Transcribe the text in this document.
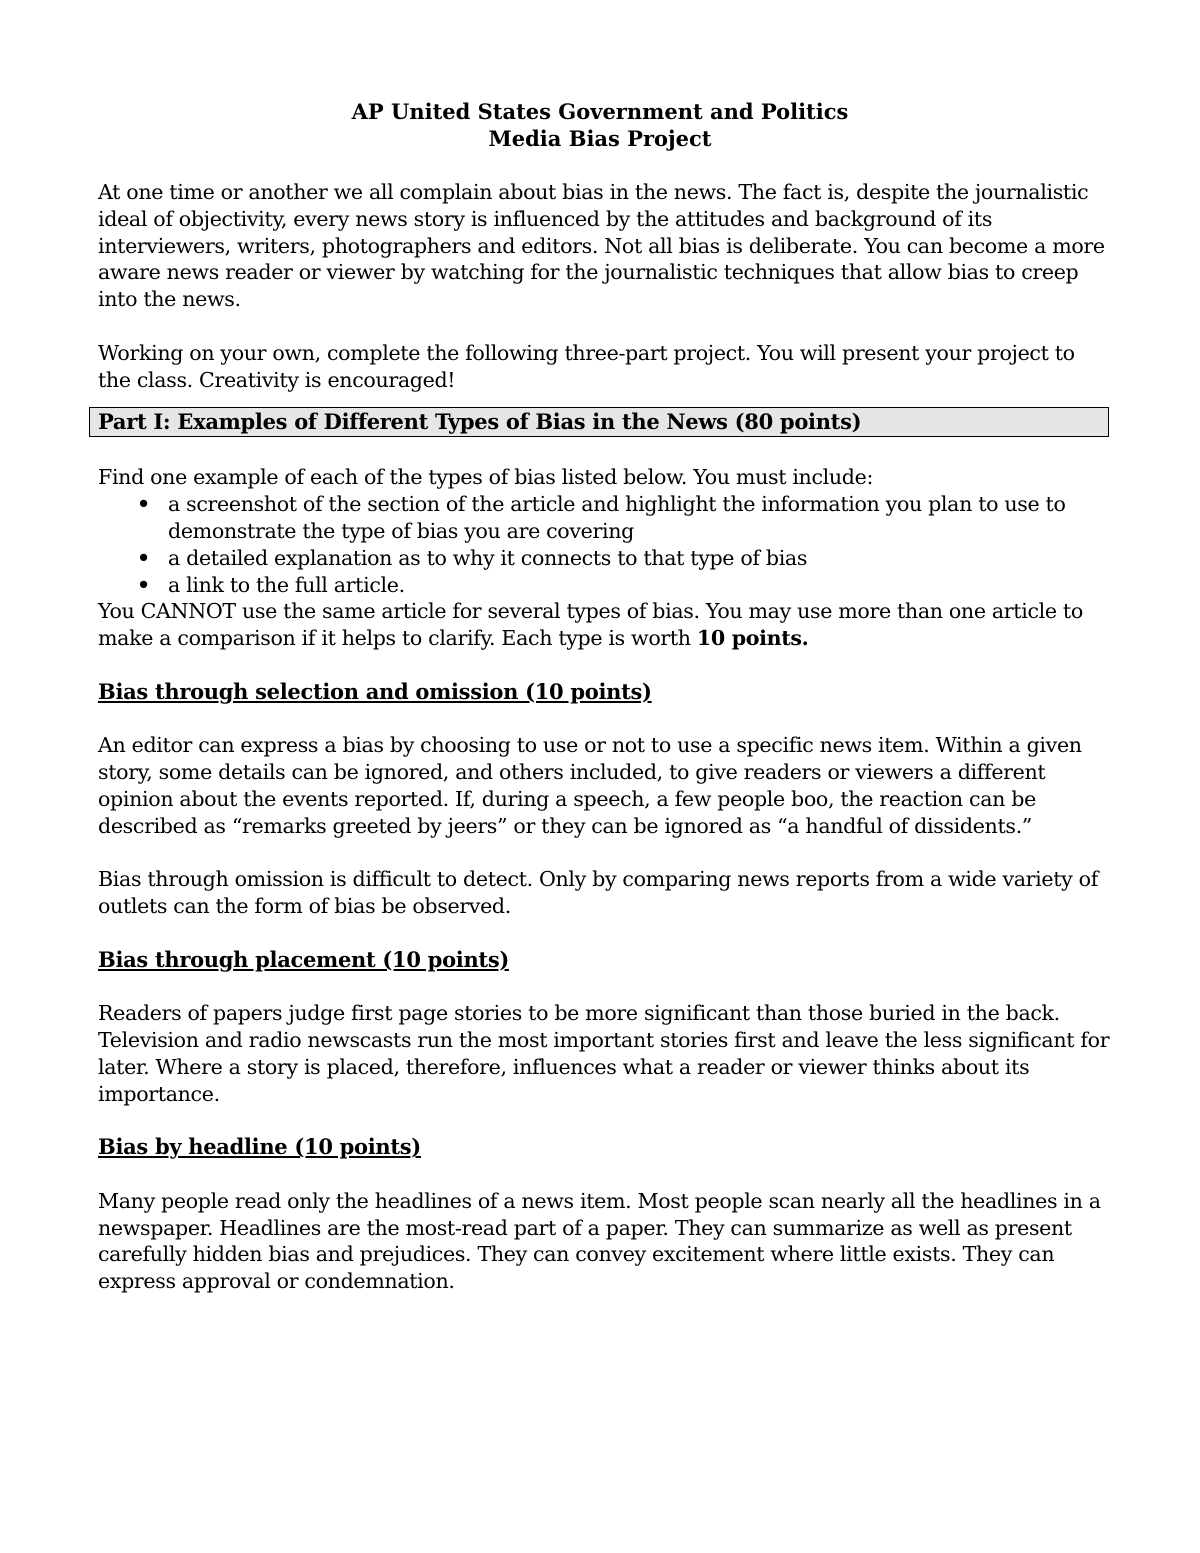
AP United States Government and Politics
Media Bias Project

At one time or another we all complain about bias in the news. The fact is, despite the journalistic ideal of objectivity, every news story is influenced by the attitudes and background of its interviewers, writers, photographers and editors. Not all bias is deliberate. You can become a more aware news reader or viewer by watching for the journalistic techniques that allow bias to creep into the news.

Working on your own, complete the following three-part project. You will present your project to the class. Creativity is encouraged!

Part I: Examples of Different Types of Bias in the News (80 points)
Find one example of each of the types of bias listed below. You must include:
• a screenshot of the section of the article and highlight the information you plan to use to demonstrate the type of bias you are covering
• a detailed explanation as to why it connects to that type of bias
• a link to the full article.

You CANNOT use the same article for several types of bias. You may use more than one article to make a comparison if it helps to clarify. Each type is worth 10 points.

Bias through selection and omission (10 points)

An editor can express a bias by choosing to use or not to use a specific news item. Within a given story, some details can be ignored, and others included, to give readers or viewers a different opinion about the events reported. If, during a speech, a few people boo, the reaction can be described as “remarks greeted by jeers” or they can be ignored as “a handful of dissidents.”

Bias through omission is difficult to detect. Only by comparing news reports from a wide variety of outlets can the form of bias be observed.

Bias through placement (10 points)

Readers of papers judge first page stories to be more significant than those buried in the back. Television and radio newscasts run the most important stories first and leave the less significant for later. Where a story is placed, therefore, influences what a reader or viewer thinks about its importance.

Bias by headline (10 points)

Many people read only the headlines of a news item. Most people scan nearly all the headlines in a newspaper. Headlines are the most-read part of a paper. They can summarize as well as present carefully hidden bias and prejudices. They can convey excitement where little exists. They can express approval or condemnation.
